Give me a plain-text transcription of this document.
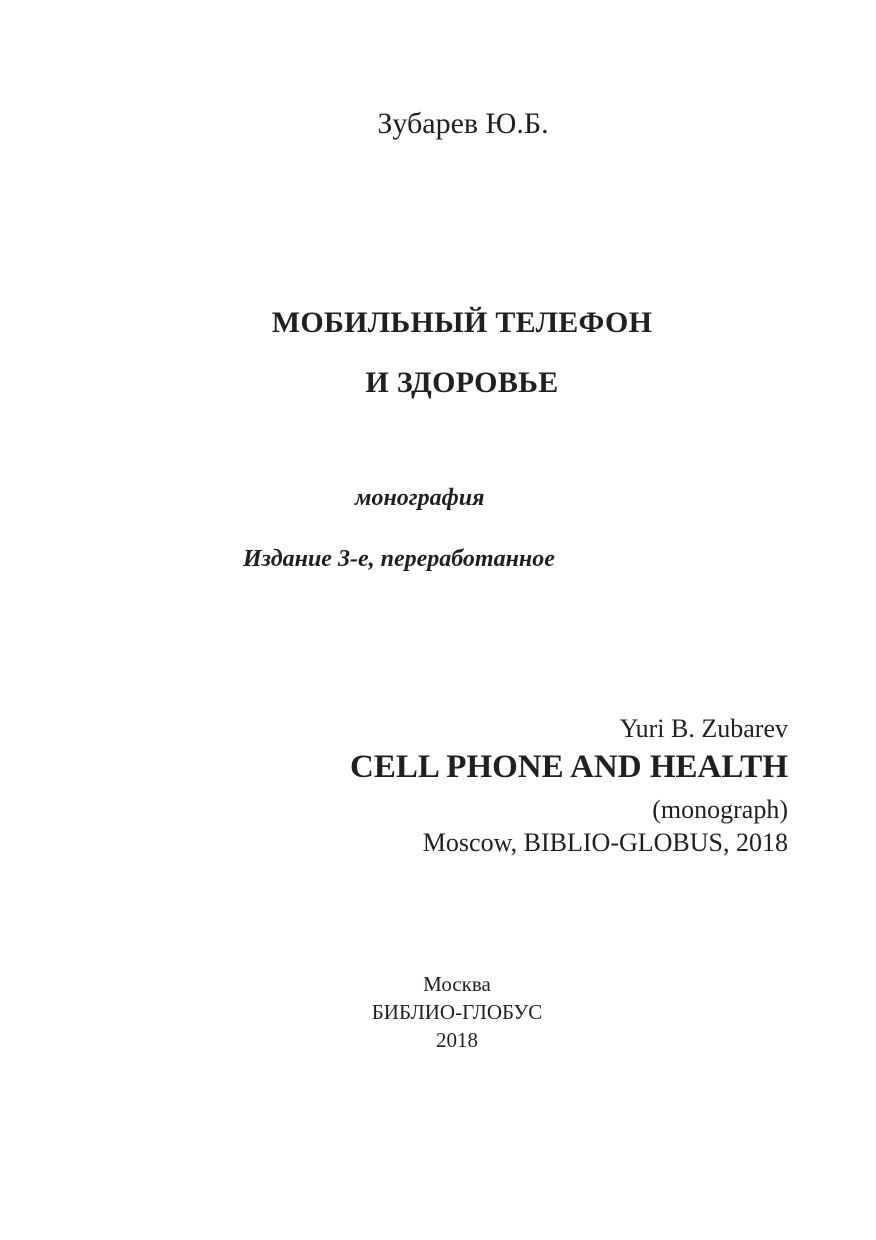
Зубарев Ю.Б.
МОБИЛЬНЫЙ ТЕЛЕФОН
И ЗДОРОВЬЕ
монография
Издание 3-е, переработанное
Yuri B. Zubarev
CELL PHONE AND HEALTH
(monograph)
Moscow, BIBLIO-GLOBUS, 2018
Москва
БИБЛИО-ГЛОБУС
2018
